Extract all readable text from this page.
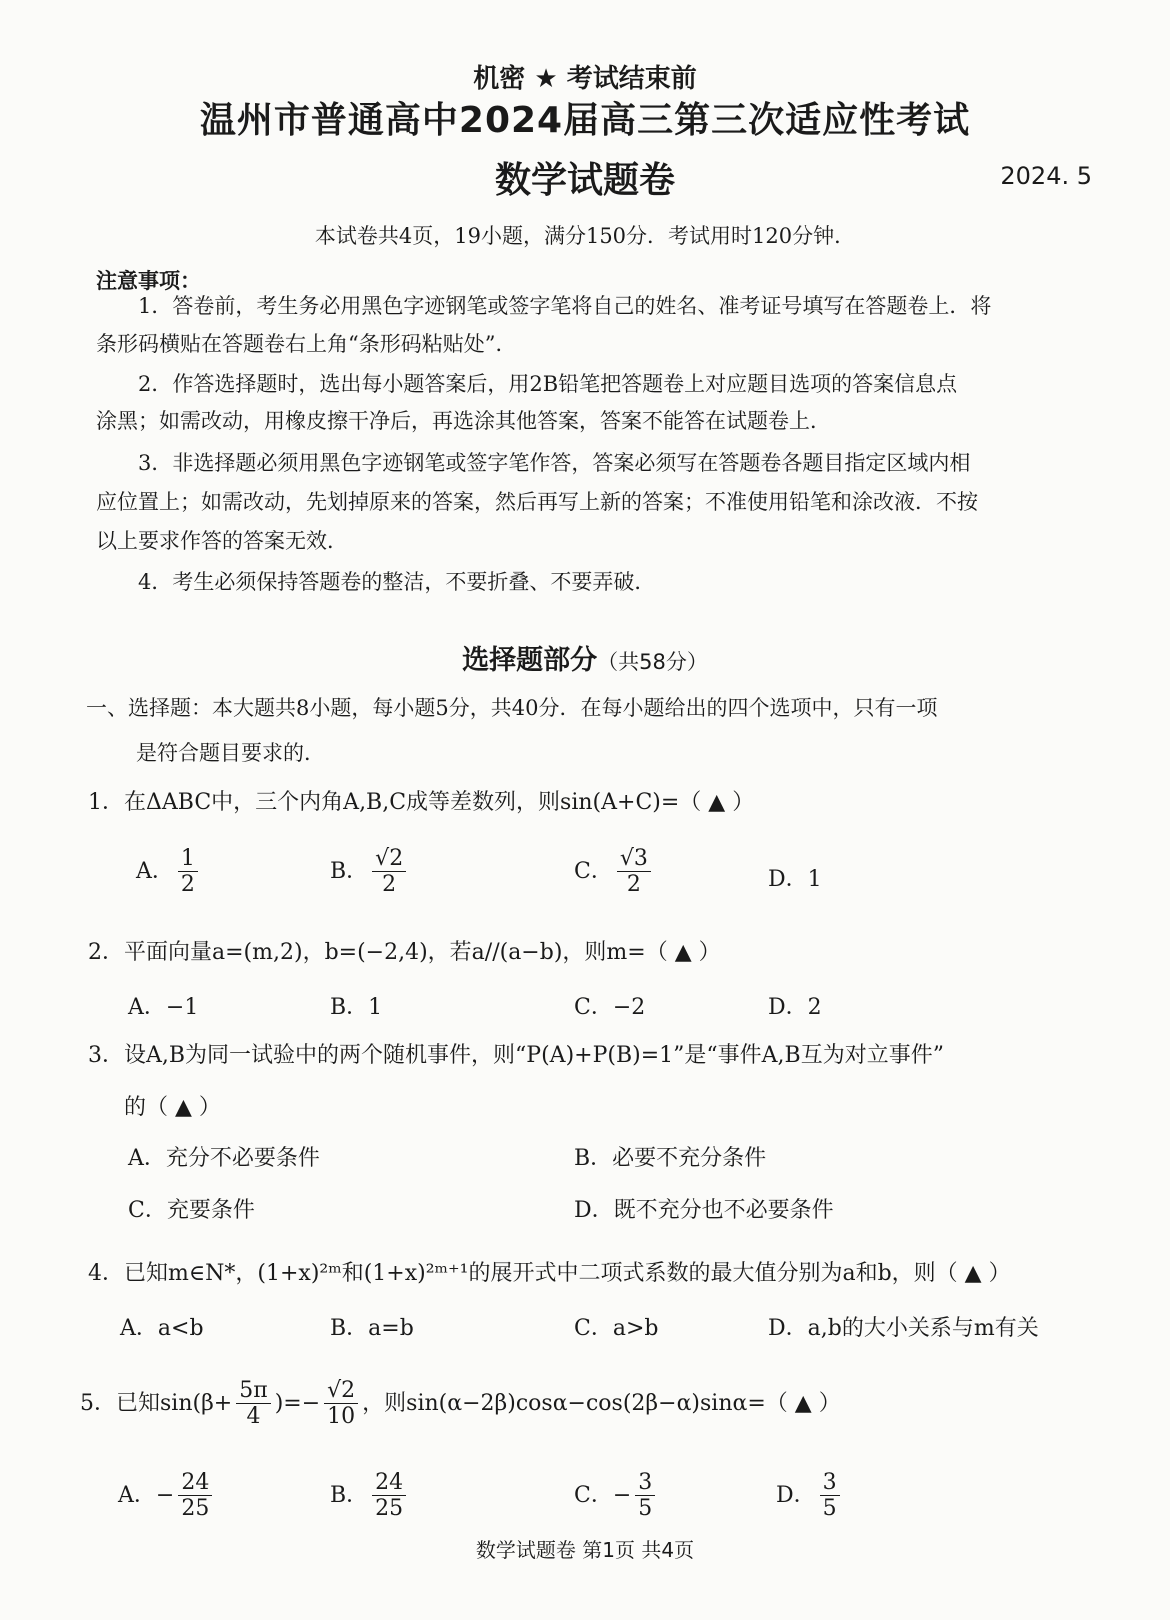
机密 ★ 考试结束前
温州市普通高中2024届高三第三次适应性考试
数学试题卷	2024. 5
本试卷共4页，19小题，满分150分．考试用时120分钟．
注意事项：
1．答卷前，考生务必用黑色字迹钢笔或签字笔将自己的姓名、准考证号填写在答题卷上．将
条形码横贴在答题卷右上角“条形码粘贴处”．
2．作答选择题时，选出每小题答案后，用2B铅笔把答题卷上对应题目选项的答案信息点
涂黑；如需改动，用橡皮擦干净后，再选涂其他答案，答案不能答在试题卷上．
3．非选择题必须用黑色字迹钢笔或签字笔作答，答案必须写在答题卷各题目指定区域内相
应位置上；如需改动，先划掉原来的答案，然后再写上新的答案；不准使用铅笔和涂改液．不按
以上要求作答的答案无效．
4．考生必须保持答题卷的整洁，不要折叠、不要弄破．
选择题部分（共58分）
一、选择题：本大题共8小题，每小题5分，共40分．在每小题给出的四个选项中，只有一项
是符合题目要求的．
1．在ΔABC中，三个内角A,B,C成等差数列，则sin(A+C)=（ ▲ ）
A． $\frac{1}{2}$	B． $\frac{√2}{2}$	C． $\frac{√3}{2}$	D．1
2．平面向量a=(m,2)，b=(−2,4)，若a//(a−b)，则m=（ ▲ ）
A．−1	B．1	C．−2	D．2
3．设A,B为同一试验中的两个随机事件，则“P(A)+P(B)=1”是“事件A,B互为对立事件”
的（ ▲ ）
A．充分不必要条件	B．必要不充分条件
C．充要条件	D．既不充分也不必要条件
4．已知m∈N*，(1+x)²ᵐ和(1+x)²ᵐ⁺¹的展开式中二项式系数的最大值分别为a和b，则（ ▲ ）
A．a<b	B．a=b	C．a>b	D．a,b的大小关系与m有关
5．已知$\sin(\beta+ \frac{5\pi}{4}$ )=− $\frac{√2}{10}$ ，则sin(α−2β)cosα−cos(2β−α)sinα=（ ▲ ）
A．− $\frac{24}{25}$	B． $\frac{24}{25}$	C．− $\frac{3}{5}$	D． $\frac{3}{5}$
数学试题卷 第1页 共4页
